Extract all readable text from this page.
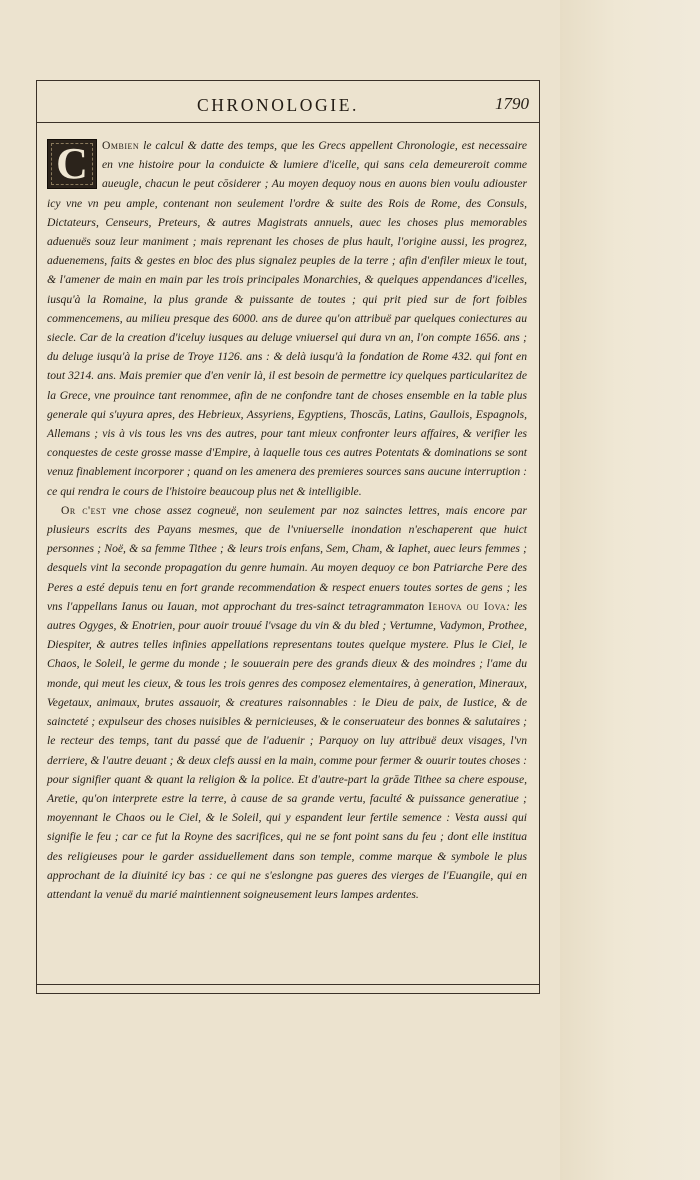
CHRONOLOGIE.	1790

C	Ombien le calcul & datte des temps, que les Grecs appellent Chronologie, est necessaire en vne histoire pour la conduicte & lumiere d'icelle, qui sans cela demeureroit comme aueugle, chacun le peut cōsiderer ; Au moyen dequoy nous en auons bien voulu adiouster icy vne vn peu ample, contenant non seulement l'ordre & suite des Rois de Rome, des Consuls, Dictateurs, Censeurs, Preteurs, & autres Magistrats annuels, auec les choses plus memorables aduenuës souz leur maniment ; mais reprenant les choses de plus hault, l'origine aussi, les progrez, aduenemens, faits & gestes en bloc des plus signalez peuples de la terre ; afin d'enfiler mieux le tout, & l'amener de main en main par les trois principales Monarchies, & quelques appendances d'icelles, iusqu'à la Romaine, la plus grande & puissante de toutes ; qui prit pied sur de fort foibles commencemens, au milieu presque des 6000. ans de duree qu'on attribuë par quelques coniectures au siecle. Car de la creation d'iceluy iusques au deluge vniuersel qui dura vn an, l'on compte 1656. ans ; du deluge iusqu'à la prise de Troye 1126. ans : & delà iusqu'à la fondation de Rome 432. qui font en tout 3214. ans. Mais premier que d'en venir là, il est besoin de permettre icy quelques particularitez de la Grece, vne prouince tant renommee, afin de ne confondre tant de choses ensemble en la table plus generale qui s'uyura apres, des Hebrieux, Assyriens, Egyptiens, Thoscās, Latins, Gaullois, Espagnols, Allemans ; vis à vis tous les vns des autres, pour tant mieux confronter leurs affaires, & verifier les conquestes de ceste grosse masse d'Empire, à laquelle tous ces autres Potentats & dominations se sont venuz finablement incorporer ; quand on les amenera des premieres sources sans aucune interruption : ce qui rendra le cours de l'histoire beaucoup plus net & intelligible.

Or c'est vne chose assez cogneuë, non seulement par noz sainctes lettres, mais encore par plusieurs escrits des Payans mesmes, que de l'vniuerselle inondation n'eschaperent que huict personnes ; Noë, & sa femme Tithee ; & leurs trois enfans, Sem, Cham, & Iaphet, auec leurs femmes ; desquels vint la seconde propagation du genre humain. Au moyen dequoy ce bon Patriarche Pere des Peres a esté depuis tenu en fort grande recommendation & respect enuers toutes sortes de gens ; les vns l'appellans Ianus ou Iauan, mot approchant du tres-sainct tetragrammaton Iehova ou Iova: les autres Ogyges, & Enotrien, pour auoir trouué l'vsage du vin & du bled ; Vertumne, Vadymon, Prothee, Diespiter, & autres telles infinies appellations representans toutes quelque mystere. Plus le Ciel, le Chaos, le Soleil, le germe du monde ; le souuerain pere des grands dieux & des moindres ; l'ame du monde, qui meut les cieux, & tous les trois genres des composez elementaires, à generation, Mineraux, Vegetaux, animaux, brutes assauoir, & creatures raisonnables : le Dieu de paix, de Iustice, & de saincteté ; expulseur des choses nuisibles & pernicieuses, & le conseruateur des bonnes & salutaires ; le recteur des temps, tant du passé que de l'aduenir ; Parquoy on luy attribuë deux visages, l'vn derriere, & l'autre deuant ; & deux clefs aussi en la main, comme pour fermer & ouurir toutes choses : pour signifier quant & quant la religion & la police. Et d'autre-part la grāde Tithee sa chere espouse, Aretie, qu'on interprete estre la terre, à cause de sa grande vertu, faculté & puissance generatiue ; moyennant le Chaos ou le Ciel, & le Soleil, qui y espandent leur fertile semence : Vesta aussi qui signifie le feu ; car ce fut la Royne des sacrifices, qui ne se font point sans du feu ; dont elle institua des religieuses pour le garder assiduellement dans son temple, comme marque & symbole le plus approchant de la diuinité icy bas : ce qui ne s'eslongne pas gueres des vierges de l'Euangile, qui en attendant la venuë du marié maintiennent soigneusement leurs lampes ardentes.
